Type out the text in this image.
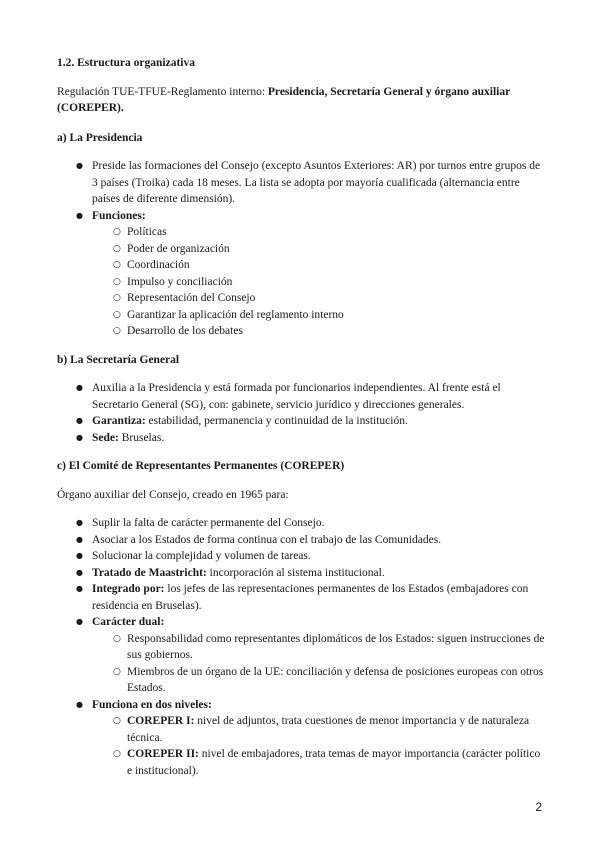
1.2. Estructura organizativa

Regulación TUE-TFUE-Reglamento interno: Presidencia, Secretaría General y órgano auxiliar (COREPER).

a) La Presidencia
● Preside las formaciones del Consejo (excepto Asuntos Exteriores: AR) por turnos entre grupos de 3 países (Troika) cada 18 meses. La lista se adopta por mayoría cualificada (alternancia entre países de diferente dimensión).
● Funciones:
○ Políticas
○ Poder de organización
○ Coordinación
○ Impulso y conciliación
○ Representación del Consejo
○ Garantizar la aplicación del reglamento interno
○ Desarrollo de los debates
b) La Secretaría General
● Auxilia a la Presidencia y está formada por funcionarios independientes. Al frente está el Secretario General (SG), con: gabinete, servicio jurídico y direcciones generales.
● Garantiza: estabilidad, permanencia y continuidad de la institución.
● Sede: Bruselas.
c) El Comité de Representantes Permanentes (COREPER)

Órgano auxiliar del Consejo, creado en 1965 para:

● Suplir la falta de carácter permanente del Consejo.
● Asociar a los Estados de forma continua con el trabajo de las Comunidades.
● Solucionar la complejidad y volumen de tareas.
● Tratado de Maastricht: incorporación al sistema institucional.
● Integrado por: los jefes de las representaciones permanentes de los Estados (embajadores con residencia en Bruselas).
● Carácter dual:
○ Responsabilidad como representantes diplomáticos de los Estados: siguen instrucciones de sus gobiernos.
○ Miembros de un órgano de la UE: conciliación y defensa de posiciones europeas con otros Estados.
● Funciona en dos niveles:
○ COREPER I: nivel de adjuntos, trata cuestiones de menor importancia y de naturaleza técnica.
○ COREPER II: nivel de embajadores, trata temas de mayor importancia (carácter político e institucional).
2
